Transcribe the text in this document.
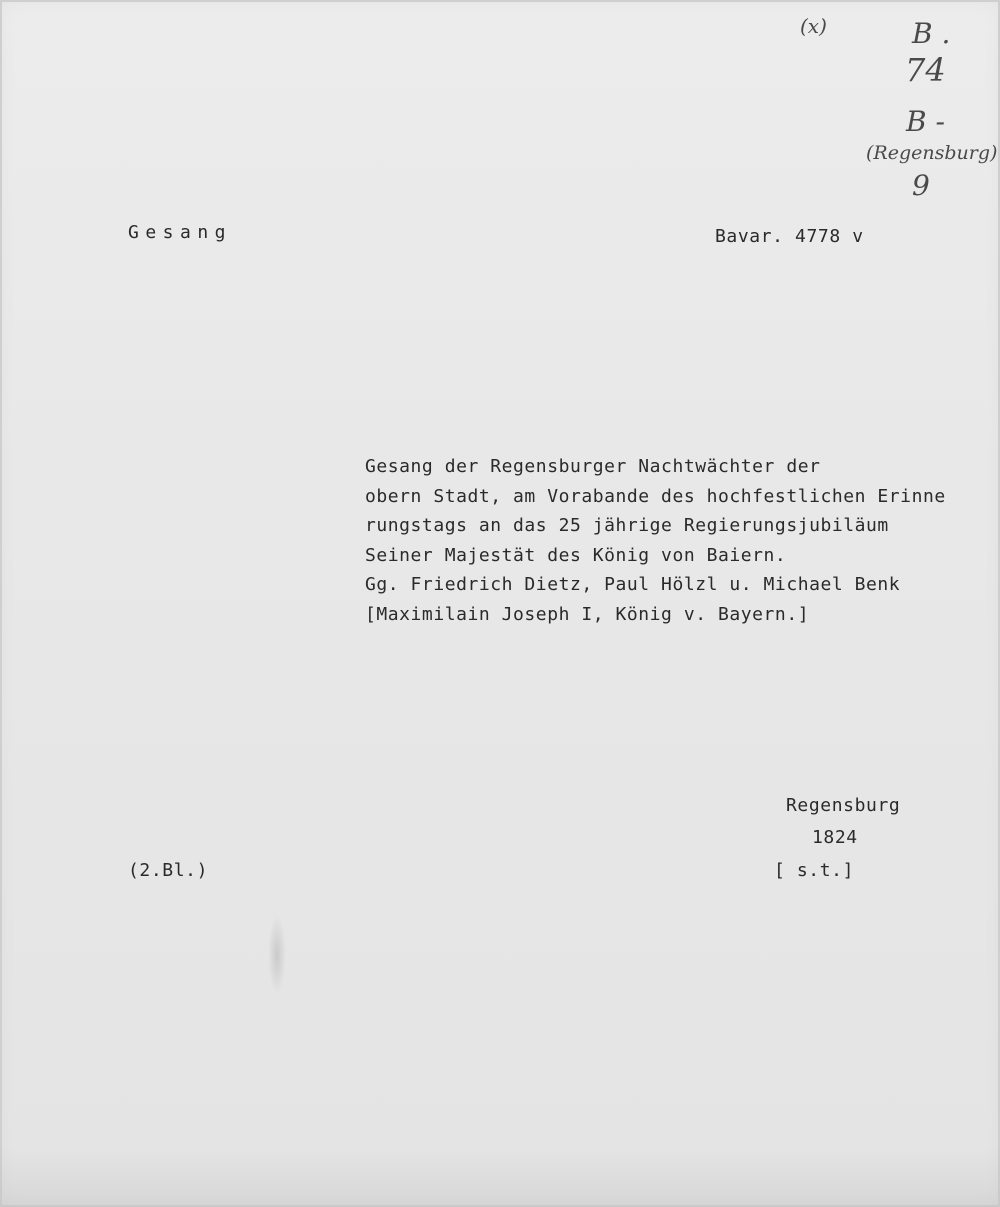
(x)	B .
74
B -
(Regensburg)
9
Gesang	Bavar. 4778 v
Gesang der Regensburger Nachtwächter der
obern Stadt, am Vorabande des hochfestlichen Erinne
rungstags an das 25 jährige Regierungsjubiläum
Seiner Majestät des König von Baiern.
Gg. Friedrich Dietz, Paul Hölzl u. Michael Benk
[Maximilain Joseph I, König v. Bayern.]
Regensburg
1824
(2.Bl.)	[ s.t.]
